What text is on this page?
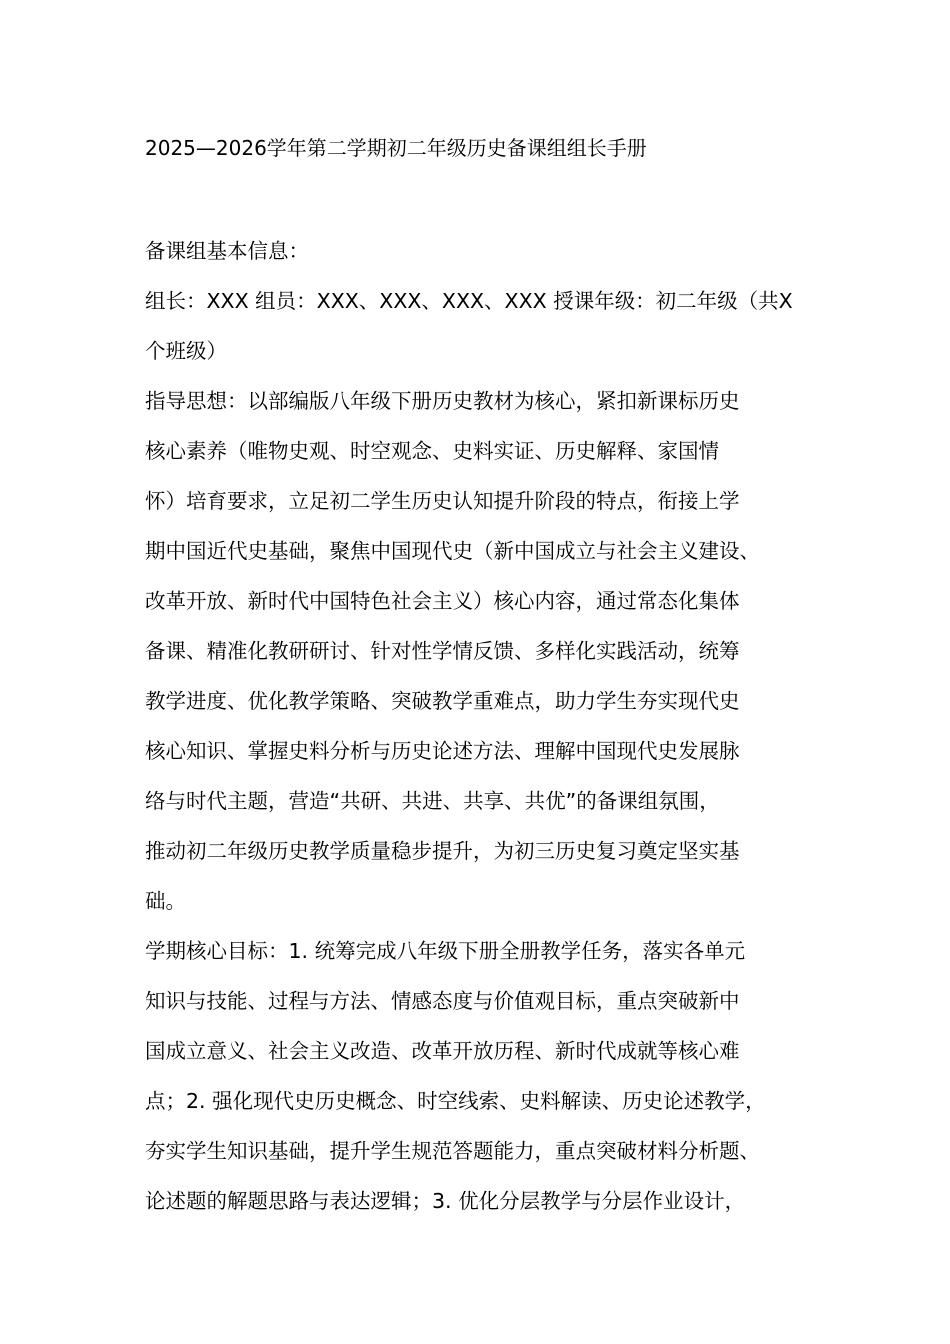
2025—2026学年第二学期初二年级历史备课组组长手册
备课组基本信息：
组长：XXX 组员：XXX、XXX、XXX、XXX 授课年级：初二年级（共X
个班级）
指导思想：以部编版八年级下册历史教材为核心，紧扣新课标历史
核心素养（唯物史观、时空观念、史料实证、历史解释、家国情
怀）培育要求，立足初二学生历史认知提升阶段的特点，衔接上学
期中国近代史基础，聚焦中国现代史（新中国成立与社会主义建设、
改革开放、新时代中国特色社会主义）核心内容，通过常态化集体
备课、精准化教研研讨、针对性学情反馈、多样化实践活动，统筹
教学进度、优化教学策略、突破教学重难点，助力学生夯实现代史
核心知识、掌握史料分析与历史论述方法、理解中国现代史发展脉
络与时代主题，营造“共研、共进、共享、共优”的备课组氛围，
推动初二年级历史教学质量稳步提升，为初三历史复习奠定坚实基
础。
学期核心目标：1. 统筹完成八年级下册全册教学任务，落实各单元
知识与技能、过程与方法、情感态度与价值观目标，重点突破新中
国成立意义、社会主义改造、改革开放历程、新时代成就等核心难
点；2. 强化现代史历史概念、时空线索、史料解读、历史论述教学，
夯实学生知识基础，提升学生规范答题能力，重点突破材料分析题、
论述题的解题思路与表达逻辑；3. 优化分层教学与分层作业设计，
